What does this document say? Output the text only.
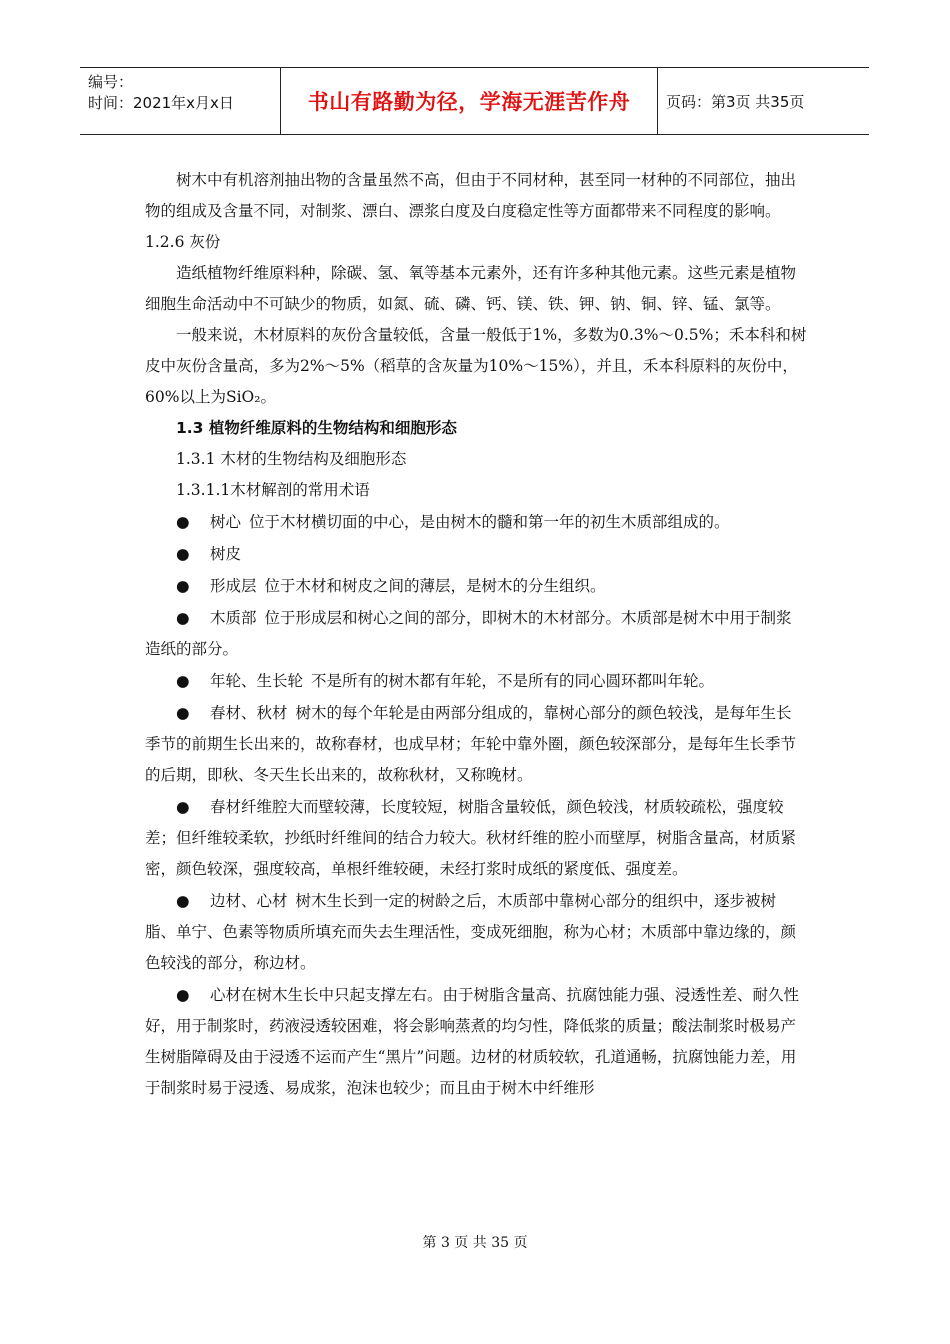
编号：
时间：2021年x月x日	书山有路勤为径，学海无涯苦作舟	页码：第3页 共35页

树木中有机溶剂抽出物的含量虽然不高，但由于不同材种，甚至同一材种的不同部位，抽出物的组成及含量不同，对制浆、漂白、漂浆白度及白度稳定性等方面都带来不同程度的影响。

1.2.6 灰份

造纸植物纤维原料种，除碳、氢、氧等基本元素外，还有许多种其他元素。这些元素是植物细胞生命活动中不可缺少的物质，如氮、硫、磷、钙、镁、铁、钾、钠、铜、锌、锰、氯等。

一般来说，木材原料的灰份含量较低，含量一般低于1%，多数为0.3%～0.5%；禾本科和树皮中灰份含量高，多为2%～5%（稻草的含灰量为10%～15%），并且，禾本科原料的灰份中，60%以上为SiO₂。

1.3 植物纤维原料的生物结构和细胞形态

1.3.1 木材的生物结构及细胞形态

1.3.1.1木材解剖的常用术语

● 树心 位于木材横切面的中心，是由树木的髓和第一年的初生木质部组成的。

● 树皮

● 形成层 位于木材和树皮之间的薄层，是树木的分生组织。

● 木质部 位于形成层和树心之间的部分，即树木的木材部分。木质部是树木中用于制浆造纸的部分。

● 年轮、生长轮 不是所有的树木都有年轮，不是所有的同心圆环都叫年轮。

● 春材、秋材 树木的每个年轮是由两部分组成的，靠树心部分的颜色较浅，是每年生长季节的前期生长出来的，故称春材，也成早材；年轮中靠外圈，颜色较深部分，是每年生长季节的后期，即秋、冬天生长出来的，故称秋材，又称晚材。

● 春材纤维腔大而壁较薄，长度较短，树脂含量较低，颜色较浅，材质较疏松，强度较差；但纤维较柔软，抄纸时纤维间的结合力较大。秋材纤维的腔小而壁厚，树脂含量高，材质紧密，颜色较深，强度较高，单根纤维较硬，未经打浆时成纸的紧度低、强度差。

● 边材、心材 树木生长到一定的树龄之后，木质部中靠树心部分的组织中，逐步被树脂、单宁、色素等物质所填充而失去生理活性，变成死细胞，称为心材；木质部中靠边缘的，颜色较浅的部分，称边材。

● 心材在树木生长中只起支撑左右。由于树脂含量高、抗腐蚀能力强、浸透性差、耐久性好，用于制浆时，药液浸透较困难，将会影响蒸煮的均匀性，降低浆的质量；酸法制浆时极易产生树脂障碍及由于浸透不运而产生“黑片”问题。边材的材质较软，孔道通畅，抗腐蚀能力差，用于制浆时易于浸透、易成浆，泡沫也较少；而且由于树木中纤维形

第 3 页 共 35 页
